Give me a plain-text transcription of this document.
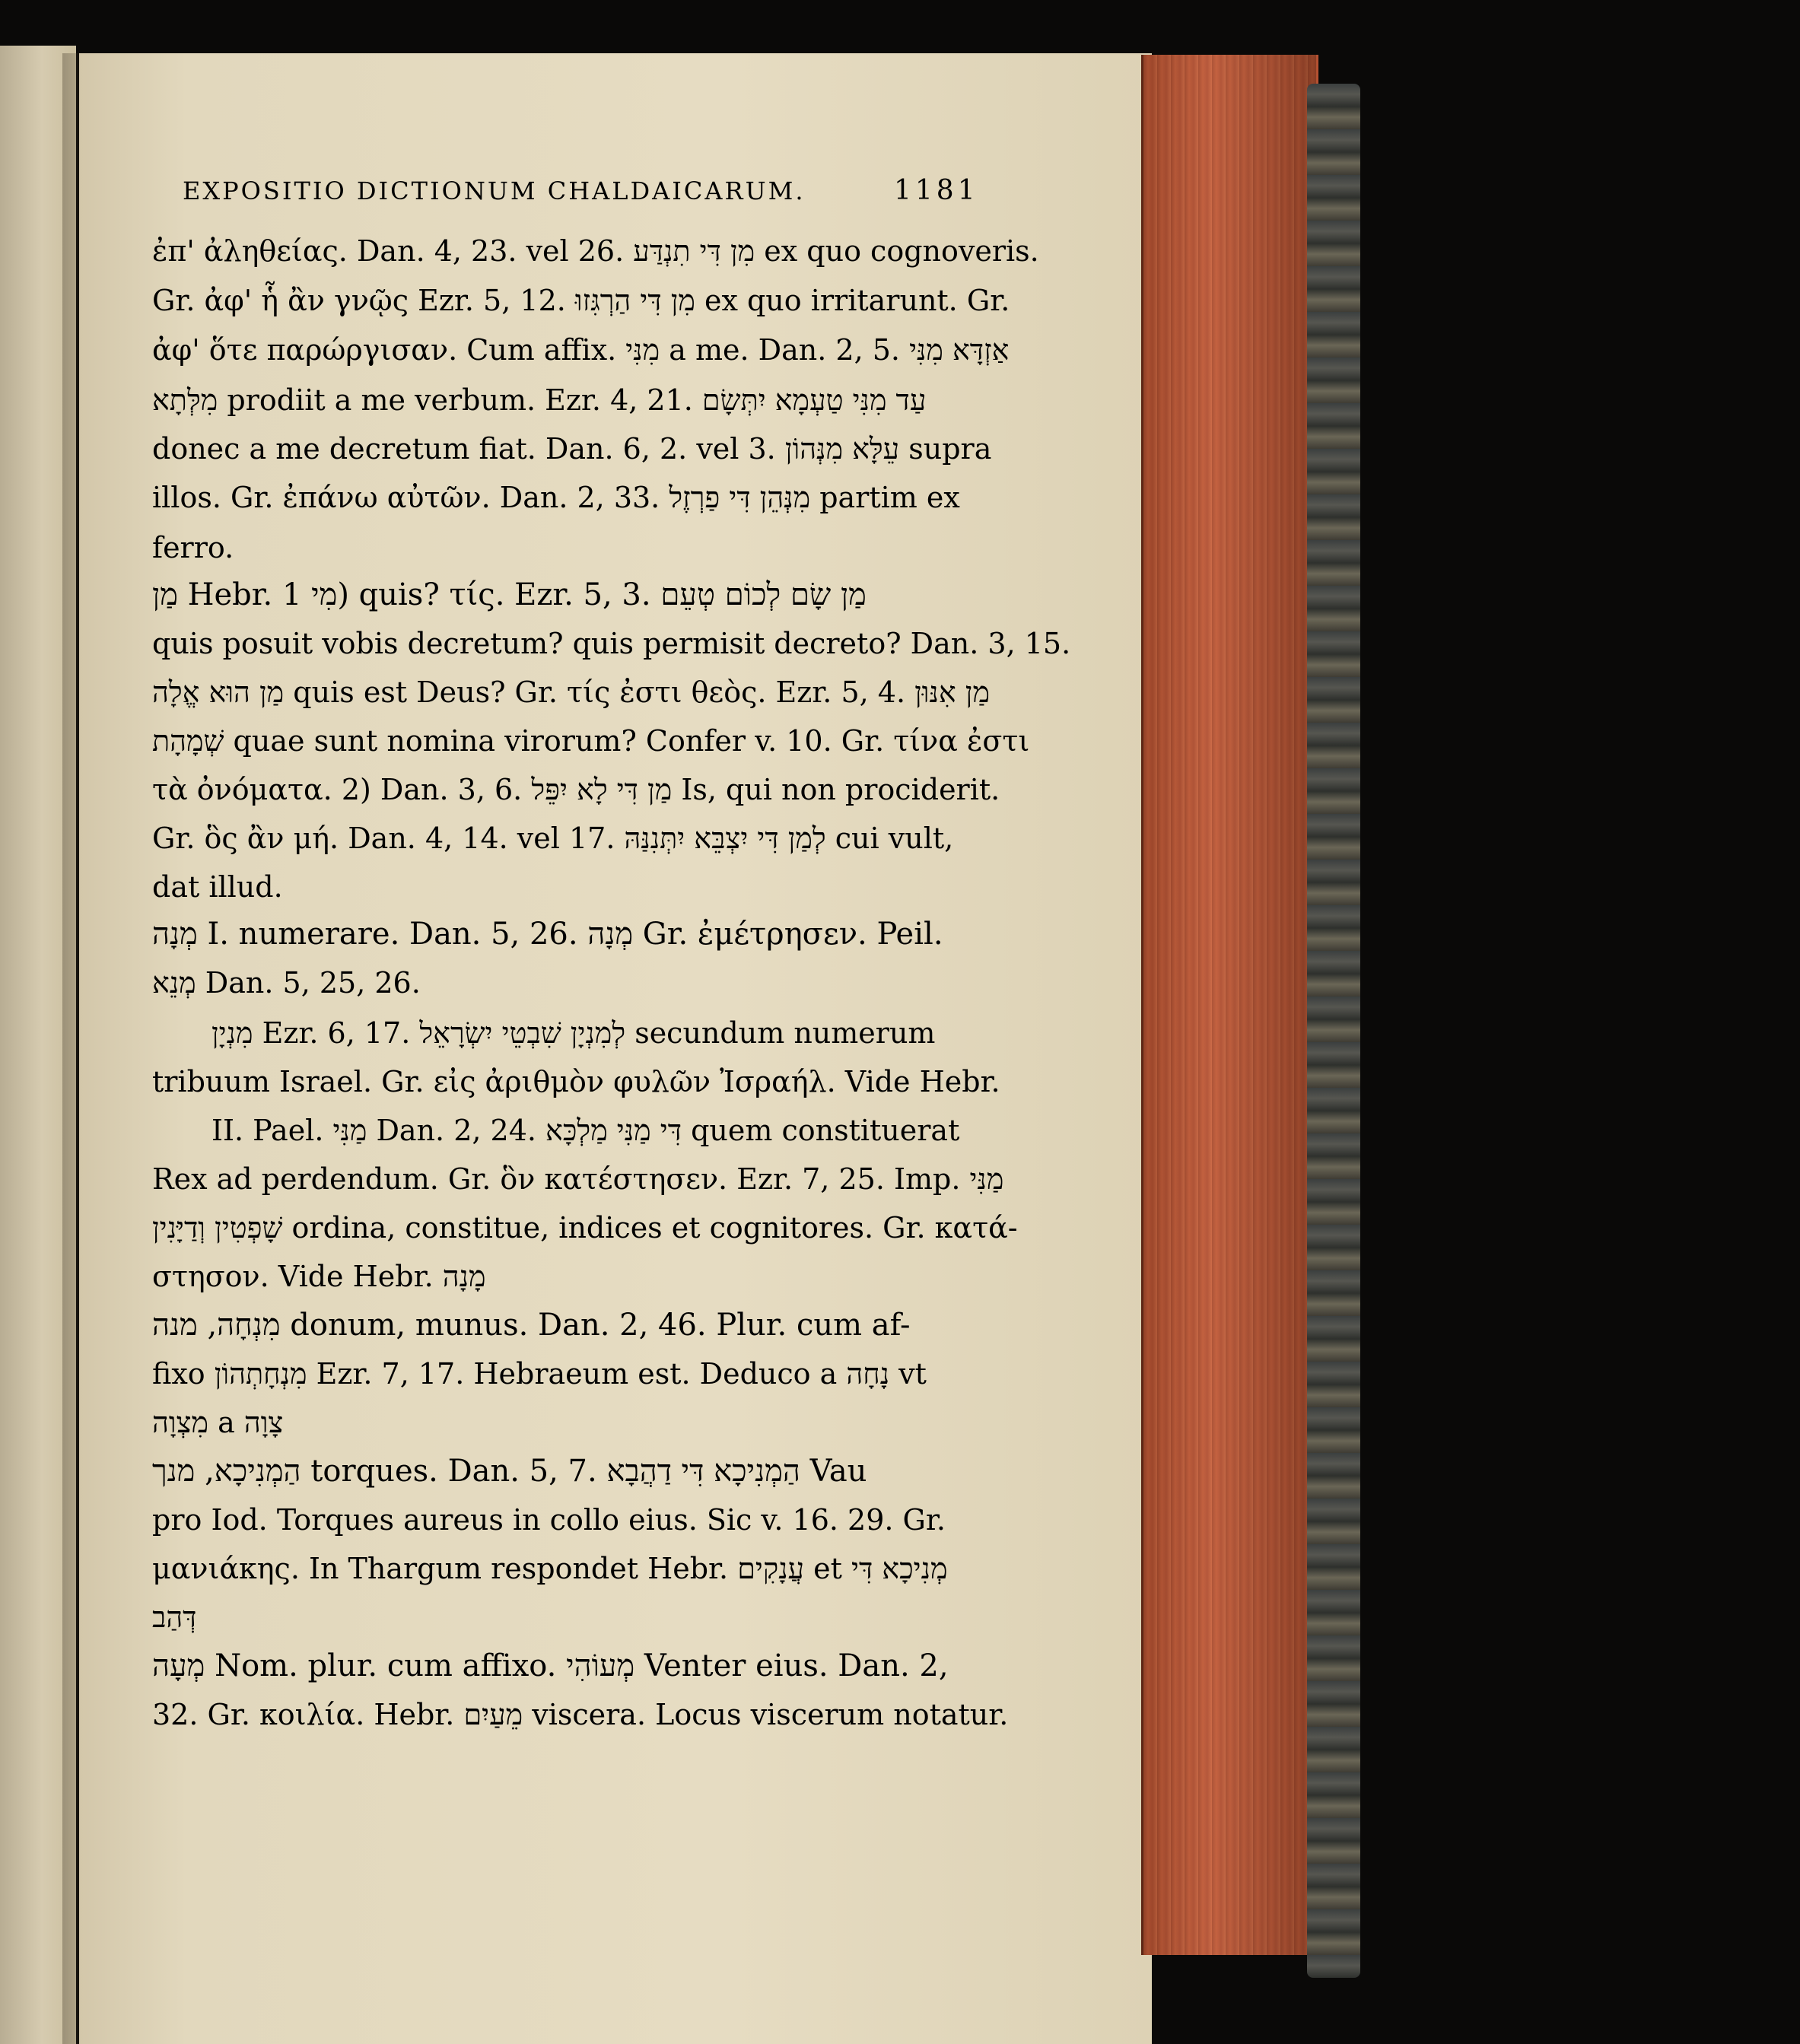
EXPOSITIO DICTIONUM CHALDAICARUM.	1181
ἐπ' ἀληθείας. Dan. 4, 23. vel 26. מִן דִּי תִנְדַּע ex quo cognoveris.
Gr. ἀφ' ἧ ἂν γνῷς Ezr. 5, 12. מִן דִּי הַרְגִּזוּ ex quo irritarunt. Gr.
ἀφ' ὅτε παρώργισαν. Cum affix. מִנִּי a me. Dan. 2, 5. אַזְדָּא מִנִּי
מִלְּתָא prodiit a me verbum. Ezr. 4, 21. עַד מִנִּי טַעְמָא יִתְּשָׂם
donec a me decretum fiat. Dan. 6, 2. vel 3. עֵלָּא מִנְּהוֹן supra
illos. Gr. ἐπάνω αὐτῶν. Dan. 2, 33. מִנְּהֵן דִּי פַרְזֶל partim ex
ferro.
מַן Hebr. מִי 1) quis? τίς. Ezr. 5, 3. מַן שָׂם לְכוֹם טְעֵם
quis posuit vobis decretum? quis permisit decreto? Dan. 3, 15.
מַן הוּא אֱלָה quis est Deus? Gr. τίς ἐστι θεὸς. Ezr. 5, 4. מַן אִנּוּן
שְׁמָהָת quae sunt nomina virorum? Confer v. 10. Gr. τίνα ἐστι
τὰ ὀνόματα. 2) Dan. 3, 6. מַן דִּי לָא יִפֵּל Is, qui non prociderit.
Gr. ὃς ἂν μή. Dan. 4, 14. vel 17. לְמַן דִּי יִצְבֵּא יִתְּנִנַּהּ cui vult,
dat illud.
מְנָה I. numerare. Dan. 5, 26. מְנָה Gr. ἐμέτρησεν. Peil.
מְנֵא Dan. 5, 25, 26.
מִנְיָן Ezr. 6, 17. לְמִנְיָן שִׁבְטֵי יִשְׂרָאֵל secundum numerum
tribuum Israel. Gr. εἰς ἀριθμὸν φυλῶν Ἰσραήλ. Vide Hebr.
II. Pael. מַנִּי Dan. 2, 24. דִּי מַנִּי מַלְכָּא quem constituerat
Rex ad perdendum. Gr. ὃν κατέστησεν. Ezr. 7, 25. Imp. מַנִּי
שָׁפְטִין וְדַיָּנִין ordina, constitue, indices et cognitores. Gr. κατά-
στησον. Vide Hebr. מָנָה
מִנְחָה, מנה donum, munus. Dan. 2, 46. Plur. cum af-
fixo מִנְחָתְהוֹן Ezr. 7, 17. Hebraeum est. Deduco a נָחָה vt
מִצְוָה a צָוָה
הַמְנִיכָא, מנך torques. Dan. 5, 7. הַמְנִיכָא דִּי דַהֲבָא Vau
pro Iod. Torques aureus in collo eius. Sic v. 16. 29. Gr.
μανιάκης. In Thargum respondet Hebr. עֲנָקִים et מְנִיכָא דִּי
דְּהַב
מְעָה Nom. plur. cum affixo. מְעוֹהִי Venter eius. Dan. 2,
32. Gr. κοιλία. Hebr. מֵעַיִם viscera. Locus viscerum notatur.
